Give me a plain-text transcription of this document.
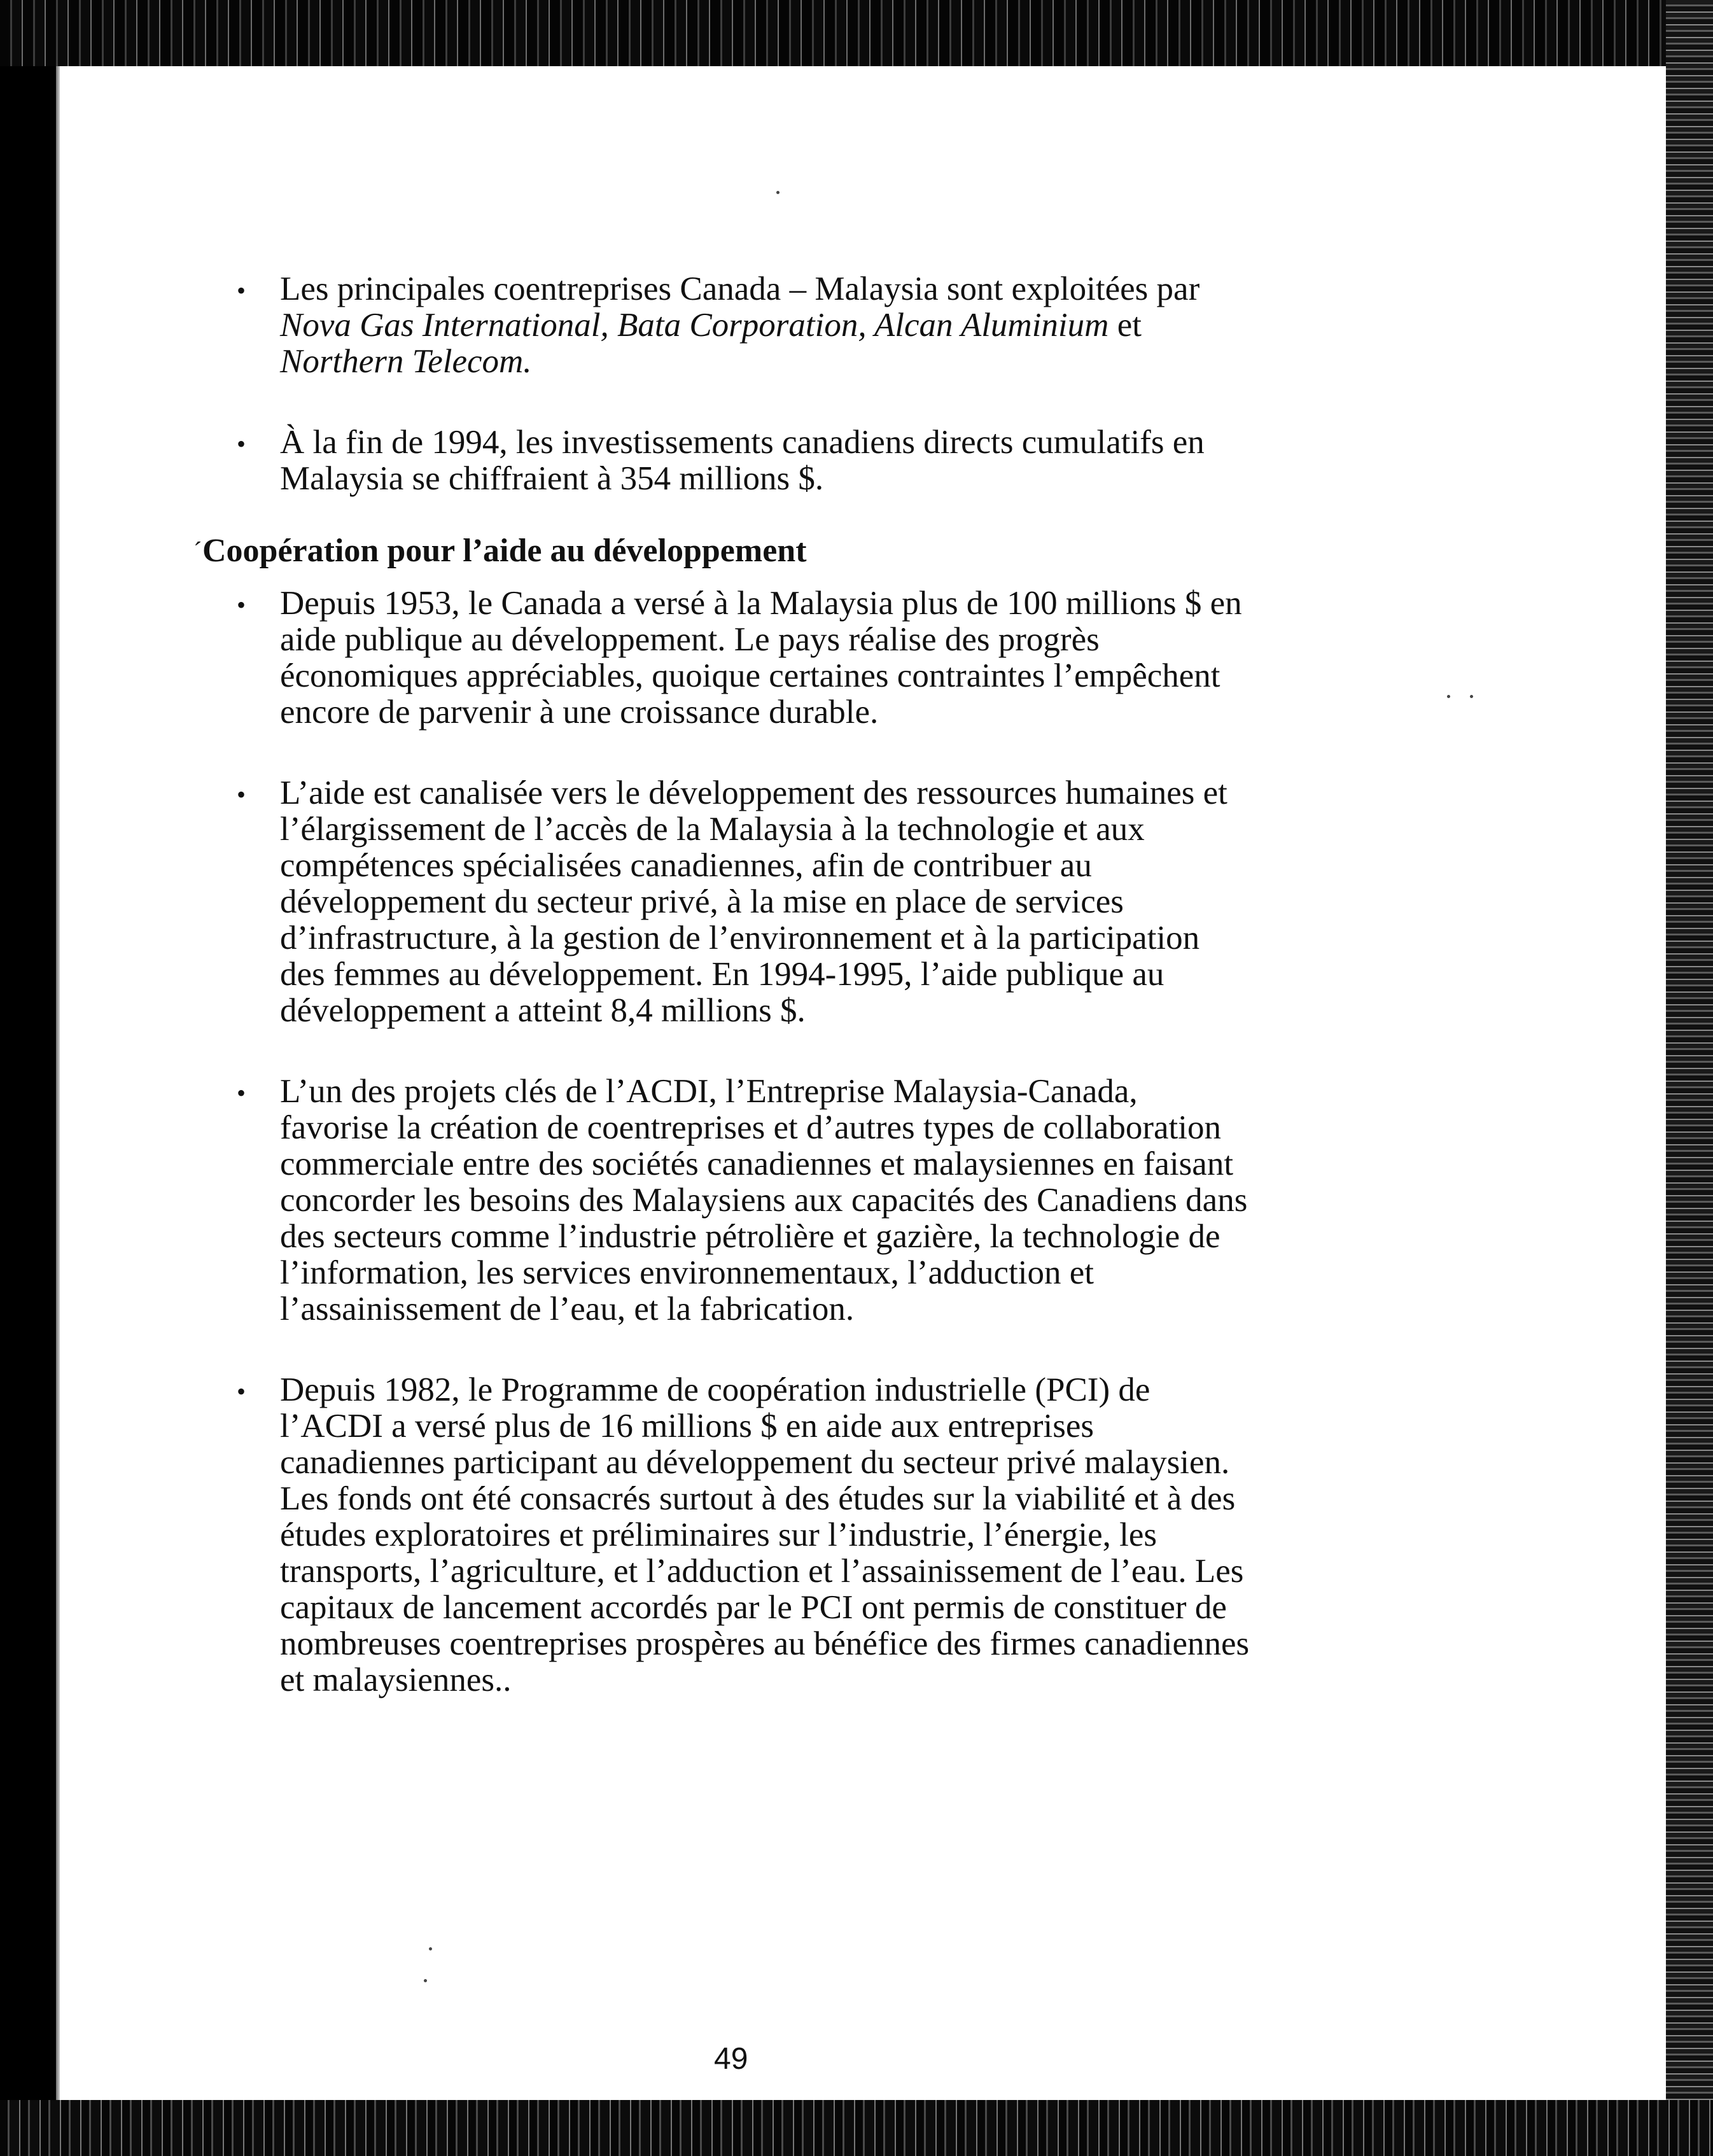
• Les principales coentreprises Canada – Malaysia sont exploitées par
Nova Gas International, Bata Corporation, Alcan Aluminium et
Northern Telecom.
• À la fin de 1994, les investissements canadiens directs cumulatifs en
Malaysia se chiffraient à 354 millions $.
´ Coopération pour l’aide au développement
• Depuis 1953, le Canada a versé à la Malaysia plus de 100 millions $ en
aide publique au développement. Le pays réalise des progrès
économiques appréciables, quoique certaines contraintes l’empêchent
encore de parvenir à une croissance durable.
• L’aide est canalisée vers le développement des ressources humaines et
l’élargissement de l’accès de la Malaysia à la technologie et aux
compétences spécialisées canadiennes, afin de contribuer au
développement du secteur privé, à la mise en place de services
d’infrastructure, à la gestion de l’environnement et à la participation
des femmes au développement. En 1994-1995, l’aide publique au
développement a atteint 8,4 millions $.
• L’un des projets clés de l’ACDI, l’Entreprise Malaysia-Canada,
favorise la création de coentreprises et d’autres types de collaboration
commerciale entre des sociétés canadiennes et malaysiennes en faisant
concorder les besoins des Malaysiens aux capacités des Canadiens dans
des secteurs comme l’industrie pétrolière et gazière, la technologie de
l’information, les services environnementaux, l’adduction et
l’assainissement de l’eau, et la fabrication.
• Depuis 1982, le Programme de coopération industrielle (PCI) de
l’ACDI a versé plus de 16 millions $ en aide aux entreprises
canadiennes participant au développement du secteur privé malaysien.
Les fonds ont été consacrés surtout à des études sur la viabilité et à des
études exploratoires et préliminaires sur l’industrie, l’énergie, les
transports, l’agriculture, et l’adduction et l’assainissement de l’eau. Les
capitaux de lancement accordés par le PCI ont permis de constituer de
nombreuses coentreprises prospères au bénéfice des firmes canadiennes
et malaysiennes..
49
